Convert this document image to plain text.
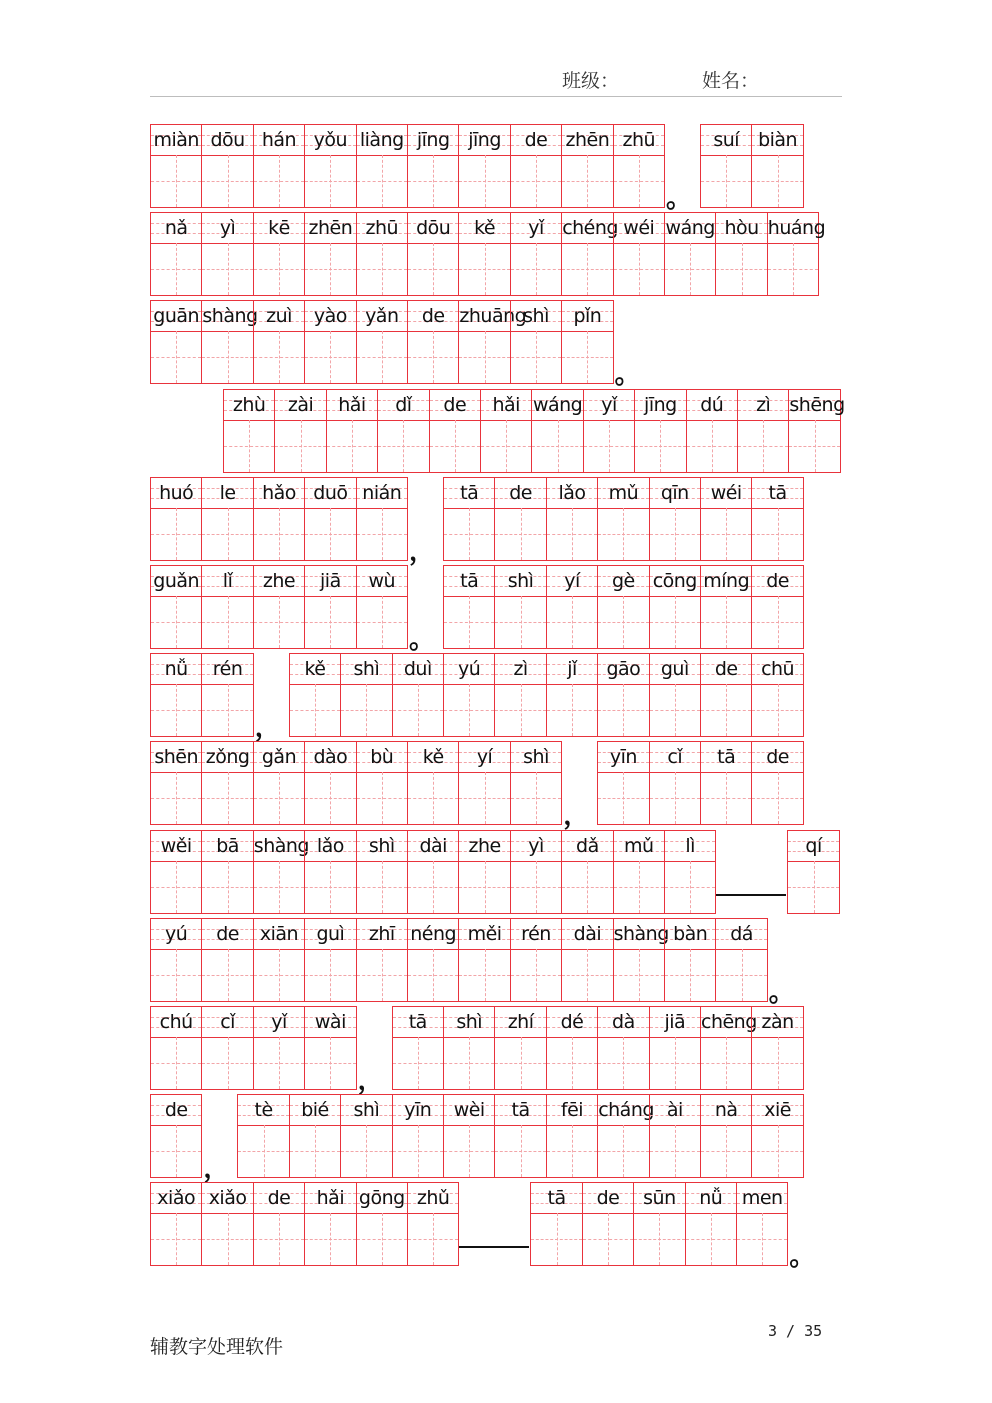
班级：	姓名：
miàn dōu hán yǒu liàng jīng jīng	de zhēn zhū
。
suí	biàn
nǎ	yì	kē zhēn zhū dōu	kě	yǐ chéng wéi wáng hòu huáng
guān shàng zuì	yào yǎn	de zhuāng
shì	pǐn
。
zhù	zài	hǎi	dǐ	de	hǎi wáng yǐ	jīng	dú	zì	shēng
huó	le	hǎo duō nián
，
tā	de	lǎo	mǔ	qīn	wéi	tā
guǎn	lǐ	zhe	jiā	wù
。
tā	shì	yí	gè cōng míng de
nǚ	rén
，
kě	shì	duì	yú	zì	jǐ	gāo	guì	de	chū
shēn zǒng gǎn dào	bù	kě	yí	shì
，
yīn	cǐ	tā	de
wěi	bā shàng lǎo	shì	dài	zhe	yì	dǎ	mǔ	lì	qí
yú	de	xiān guì	zhī néng měi	rén	dài shàng bàn	dá
。
chú	cǐ	yǐ	wài
，
tā	shì	zhí	dé	dà	jiā chēng zàn
de
，
tè	bié	shì	yīn	wèi	tā	fēi cháng ài	nà	xiē
xiǎo xiǎo	de	hǎi gōng zhǔ	tā	de	sūn	nǚ	men
。
辅教字处理软件
3 / 35
